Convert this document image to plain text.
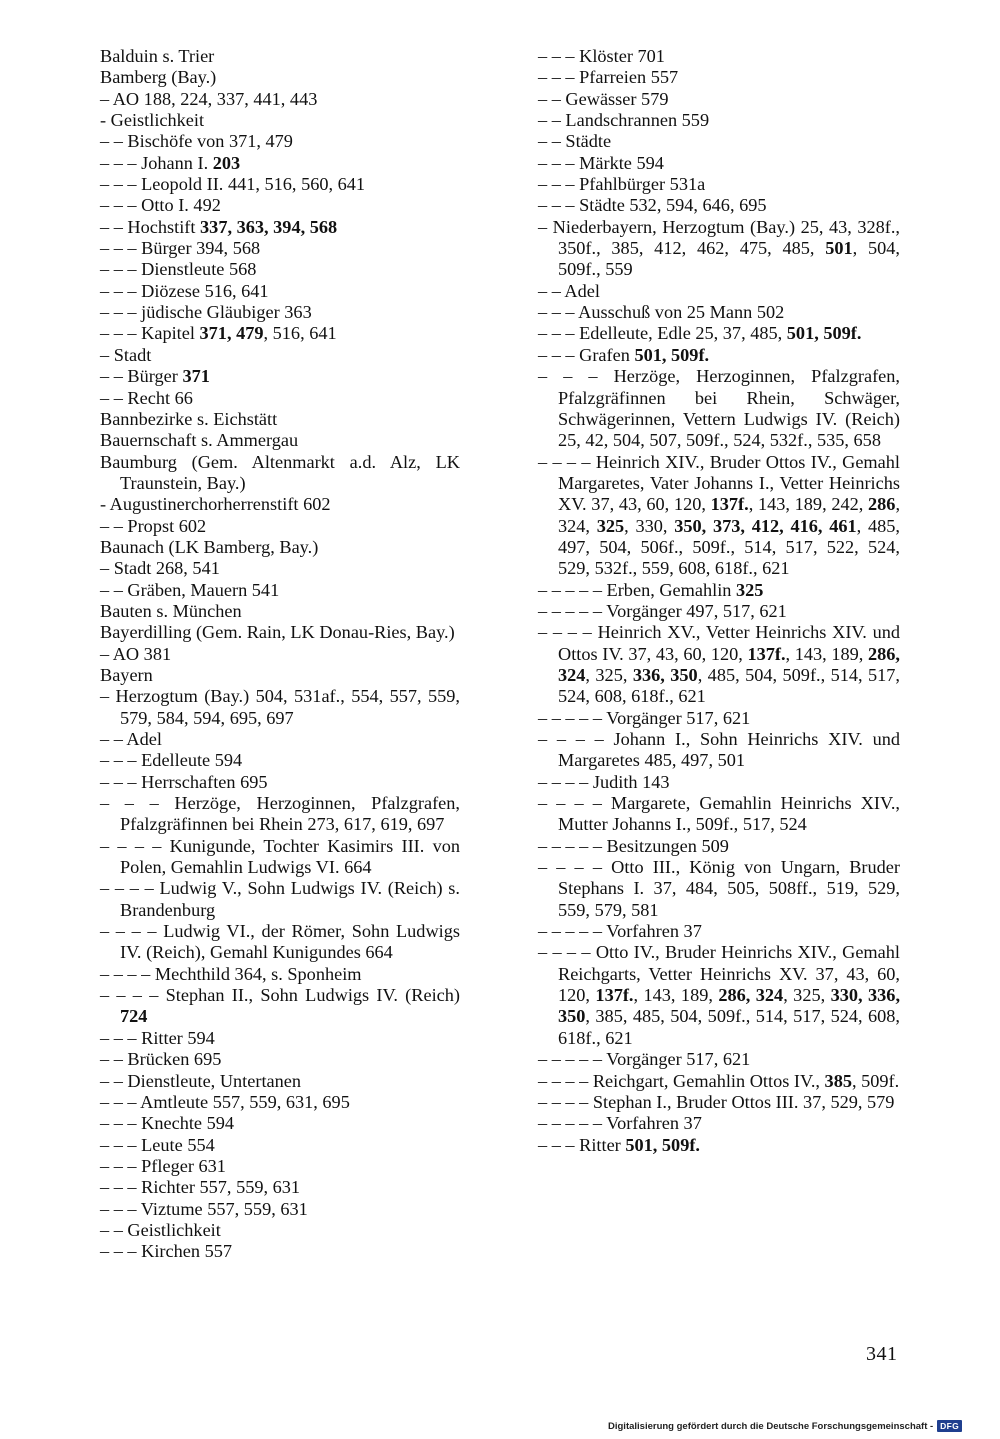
Balduin s. Trier
Bamberg (Bay.)
– AO 188, 224, 337, 441, 443
- Geistlichkeit
– – Bischöfe von 371, 479
– – – Johann I. 203
– – – Leopold II. 441, 516, 560, 641
– – – Otto I. 492
– – Hochstift 337, 363, 394, 568
– – – Bürger 394, 568
– – – Dienstleute 568
– – – Diözese 516, 641
– – – jüdische Gläubiger 363
– – – Kapitel 371, 479, 516, 641
– Stadt
– – Bürger 371
– – Recht 66
Bannbezirke s. Eichstätt
Bauernschaft s. Ammergau
Baumburg (Gem. Altenmarkt a.d. Alz, LK Traunstein, Bay.)
- Augustinerchorherrenstift 602
– – Propst 602
Baunach (LK Bamberg, Bay.)
– Stadt 268, 541
– – Gräben, Mauern 541
Bauten s. München
Bayerdilling (Gem. Rain, LK Donau-Ries, Bay.)
– AO 381
Bayern
– Herzogtum (Bay.) 504, 531af., 554, 557, 559, 579, 584, 594, 695, 697
– – Adel
– – – Edelleute 594
– – – Herrschaften 695
– – – Herzöge, Herzoginnen, Pfalzgrafen, Pfalzgräfinnen bei Rhein 273, 617, 619, 697
– – – – Kunigunde, Tochter Kasimirs III. von Polen, Gemahlin Ludwigs VI. 664
– – – – Ludwig V., Sohn Ludwigs IV. (Reich) s. Brandenburg
– – – – Ludwig VI., der Römer, Sohn Ludwigs IV. (Reich), Gemahl Kunigundes 664
– – – – Mechthild 364, s. Sponheim
– – – – Stephan II., Sohn Ludwigs IV. (Reich) 724
– – – Ritter 594
– – Brücken 695
– – Dienstleute, Untertanen
– – – Amtleute 557, 559, 631, 695
– – – Knechte 594
– – – Leute 554
– – – Pfleger 631
– – – Richter 557, 559, 631
– – – Viztume 557, 559, 631
– – Geistlichkeit
– – – Kirchen 557
– – – Klöster 701
– – – Pfarreien 557
– – Gewässer 579
– – Landschrannen 559
– – Städte
– – – Märkte 594
– – – Pfahlbürger 531a
– – – Städte 532, 594, 646, 695
– Niederbayern, Herzogtum (Bay.) 25, 43, 328f., 350f., 385, 412, 462, 475, 485, 501, 504, 509f., 559
– – Adel
– – – Ausschuß von 25 Mann 502
– – – Edelleute, Edle 25, 37, 485, 501, 509f.
– – – Grafen 501, 509f.
– – – Herzöge, Herzoginnen, Pfalzgrafen, Pfalzgräfinnen bei Rhein, Schwäger, Schwägerinnen, Vettern Ludwigs IV. (Reich) 25, 42, 504, 507, 509f., 524, 532f., 535, 658
– – – – Heinrich XIV., Bruder Ottos IV., Gemahl Margaretes, Vater Johanns I., Vetter Heinrichs XV. 37, 43, 60, 120, 137f., 143, 189, 242, 286, 324, 325, 330, 350, 373, 412, 416, 461, 485, 497, 504, 506f., 509f., 514, 517, 522, 524, 529, 532f., 559, 608, 618f., 621
– – – – – Erben, Gemahlin 325
– – – – – Vorgänger 497, 517, 621
– – – – Heinrich XV., Vetter Heinrichs XIV. und Ottos IV. 37, 43, 60, 120, 137f., 143, 189, 286, 324, 325, 336, 350, 485, 504, 509f., 514, 517, 524, 608, 618f., 621
– – – – – Vorgänger 517, 621
– – – – Johann I., Sohn Heinrichs XIV. und Margaretes 485, 497, 501
– – – – Judith 143
– – – – Margarete, Gemahlin Heinrichs XIV., Mutter Johanns I., 509f., 517, 524
– – – – – Besitzungen 509
– – – – Otto III., König von Ungarn, Bruder Stephans I. 37, 484, 505, 508ff., 519, 529, 559, 579, 581
– – – – – Vorfahren 37
– – – – Otto IV., Bruder Heinrichs XIV., Gemahl Reichgarts, Vetter Heinrichs XV. 37, 43, 60, 120, 137f., 143, 189, 286, 324, 325, 330, 336, 350, 385, 485, 504, 509f., 514, 517, 524, 608, 618f., 621
– – – – – Vorgänger 517, 621
– – – – Reichgart, Gemahlin Ottos IV., 385, 509f.
– – – – Stephan I., Bruder Ottos III. 37, 529, 579
– – – – – Vorfahren 37
– – – Ritter 501, 509f.
341
Digitalisierung gefördert durch die Deutsche Forschungsgemeinschaft - DFG
